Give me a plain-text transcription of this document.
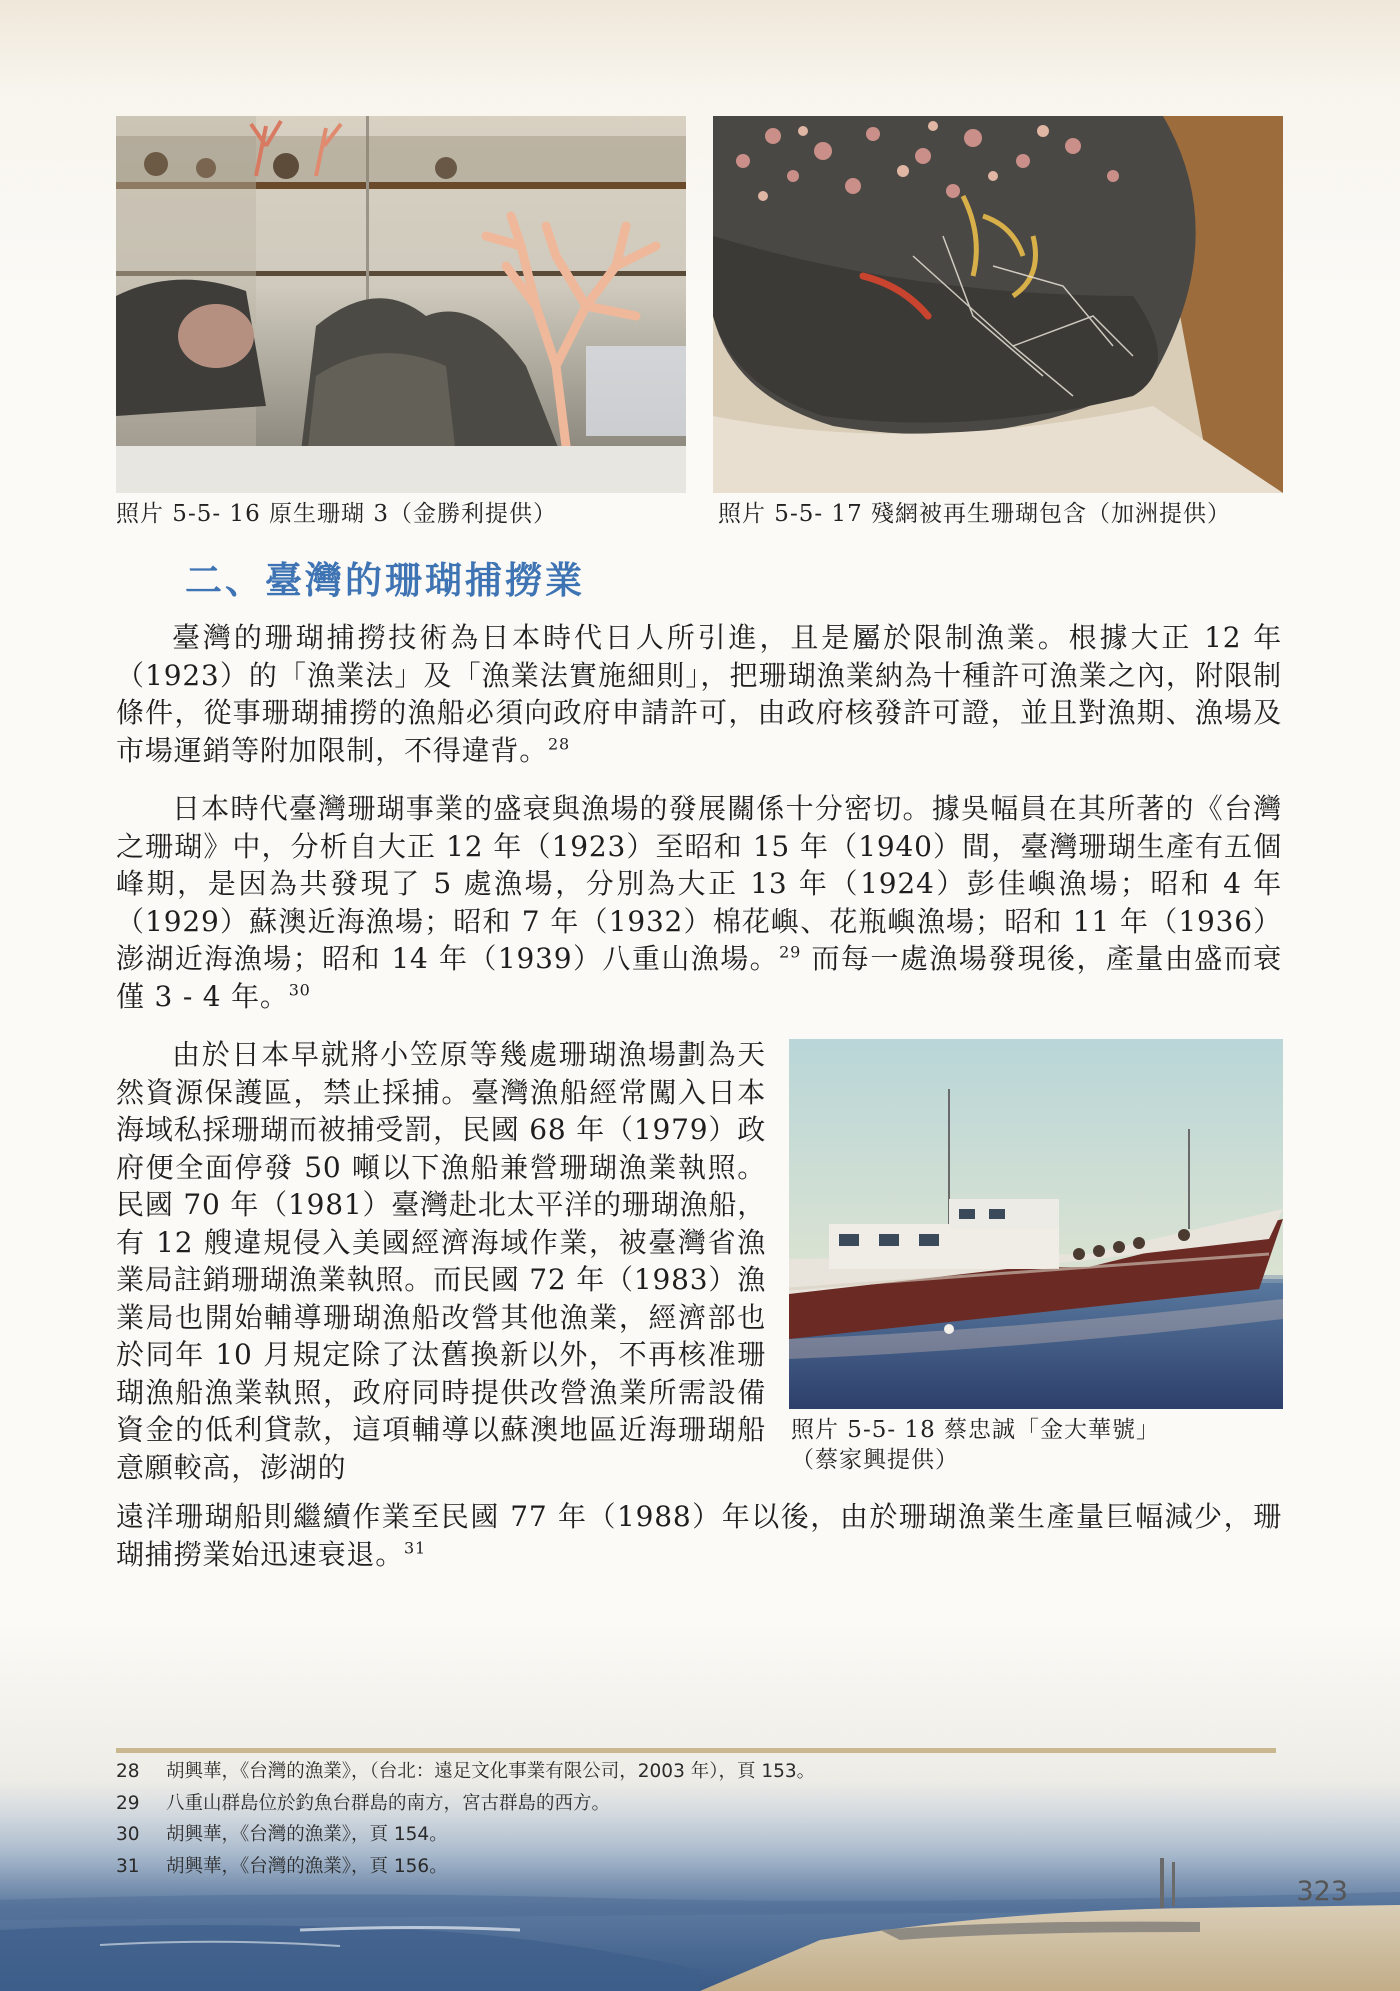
照片 5-5- 16 原生珊瑚 3（金勝利提供）	照片 5-5- 17 殘網被再生珊瑚包含（加洲提供）
二、臺灣的珊瑚捕撈業

臺灣的珊瑚捕撈技術為日本時代日人所引進，且是屬於限制漁業。根據大正 12 年（1923）的「漁業法」及「漁業法實施細則」，把珊瑚漁業納為十種許可漁業之內，附限制條件，從事珊瑚捕撈的漁船必須向政府申請許可，由政府核發許可證，並且對漁期、漁場及市場運銷等附加限制，不得違背。$^{28}$

日本時代臺灣珊瑚事業的盛衰與漁場的發展關係十分密切。據吳幅員在其所著的《台灣之珊瑚》中，分析自大正 12 年（1923）至昭和 15 年（1940）間，臺灣珊瑚生產有五個峰期，是因為共發現了 5 處漁場，分別為大正 13 年（1924）彭佳嶼漁場；昭和 4 年（1929）蘇澳近海漁場；昭和 7 年（1932）棉花嶼、花瓶嶼漁場；昭和 11 年（1936）澎湖近海漁場；昭和 14 年（1939）八重山漁場。$^{29}$ 而每一處漁場發現後，產量由盛而衰僅 3 - 4 年。$^{30}$

由於日本早就將小笠原等幾處珊瑚漁場劃為天然資源保護區，禁止採捕。臺灣漁船經常闖入日本海域私採珊瑚而被捕受罰，民國 68 年（1979）政府便全面停發 50 噸以下漁船兼營珊瑚漁業執照。民國 70 年（1981）臺灣赴北太平洋的珊瑚漁船，有 12 艘違規侵入美國經濟海域作業，被臺灣省漁業局註銷珊瑚漁業執照。而民國 72 年（1983）漁業局也開始輔導珊瑚漁船改營其他漁業，經濟部也於同年 10 月規定除了汰舊換新以外，不再核准珊瑚漁船漁業執照，政府同時提供改營漁業所需設備資金的低利貸款，這項輔導以蘇澳地區近海珊瑚船意願較高，澎湖的

遠洋珊瑚船則繼續作業至民國 77 年（1988）年以後，由於珊瑚漁業生產量巨幅減少，珊瑚捕撈業始迅速衰退。$^{31}$

照片 5-5- 18 蔡忠誠「金大華號」
（蔡家興提供）
28	胡興華，《台灣的漁業》，（台北：遠足文化事業有限公司，2003 年），頁 153。
29	八重山群島位於釣魚台群島的南方，宮古群島的西方。
30	胡興華，《台灣的漁業》，頁 154。
31	胡興華，《台灣的漁業》，頁 156。
323
